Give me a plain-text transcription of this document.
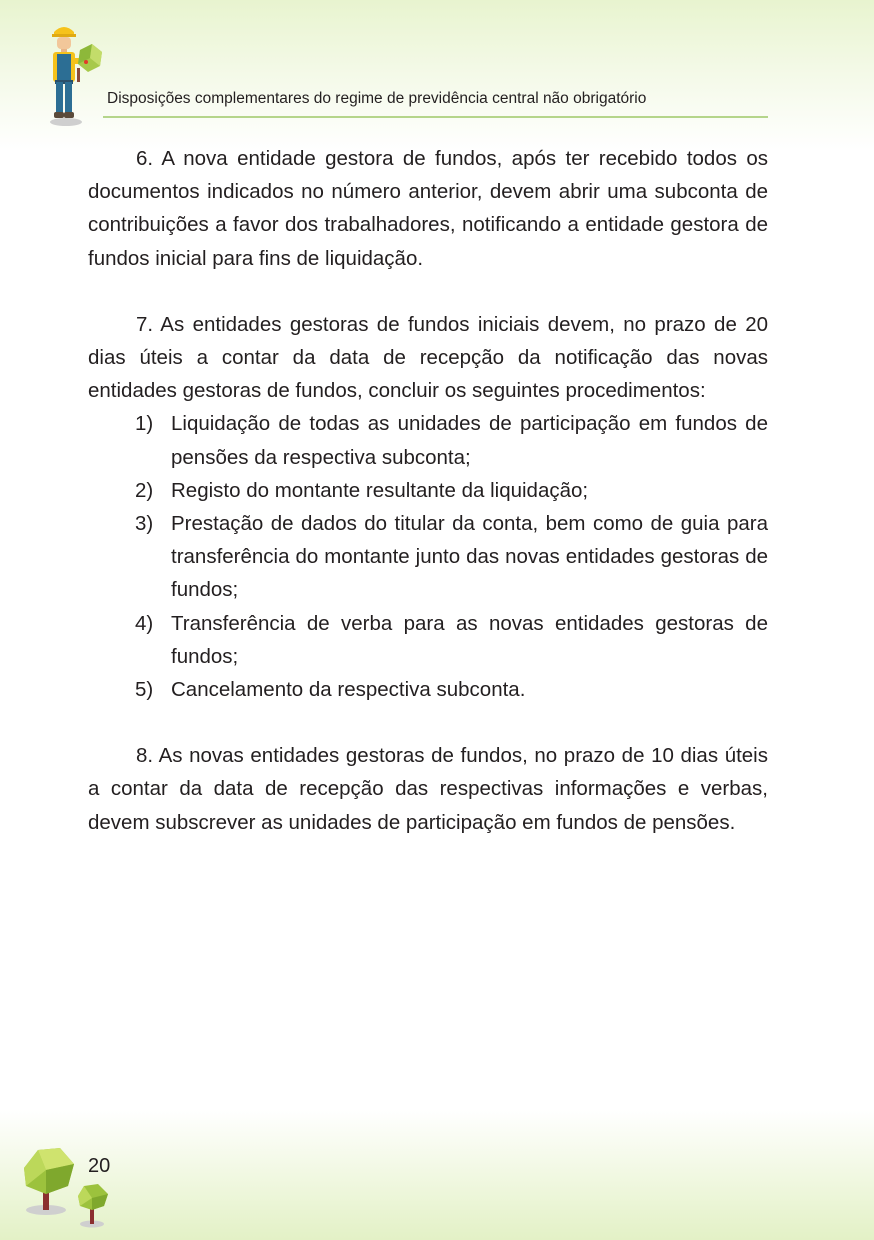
Disposições complementares do regime de previdência central não obrigatório

6. A nova entidade gestora de fundos, após ter recebido todos os documentos indicados no número anterior, devem abrir uma subconta de contribuições a favor dos trabalhadores, notificando a entidade gestora de fundos inicial para fins de liquidação.

7. As entidades gestoras de fundos iniciais devem, no prazo de 20 dias úteis a contar da data de recepção da notificação das novas entidades gestoras de fundos, concluir os seguintes procedimentos:

1) Liquidação de todas as unidades de participação em fundos de pensões da respectiva subconta;
2) Registo do montante resultante da liquidação;
3) Prestação de dados do titular da conta, bem como de guia para transferência do montante junto das novas entidades gestoras de fundos;
4) Transferência de verba para as novas entidades gestoras de fundos;
5) Cancelamento da respectiva subconta.

8. As novas entidades gestoras de fundos, no prazo de 10 dias úteis a contar da data de recepção das respectivas informações e verbas, devem subscrever as unidades de participação em fundos de pensões.

20
